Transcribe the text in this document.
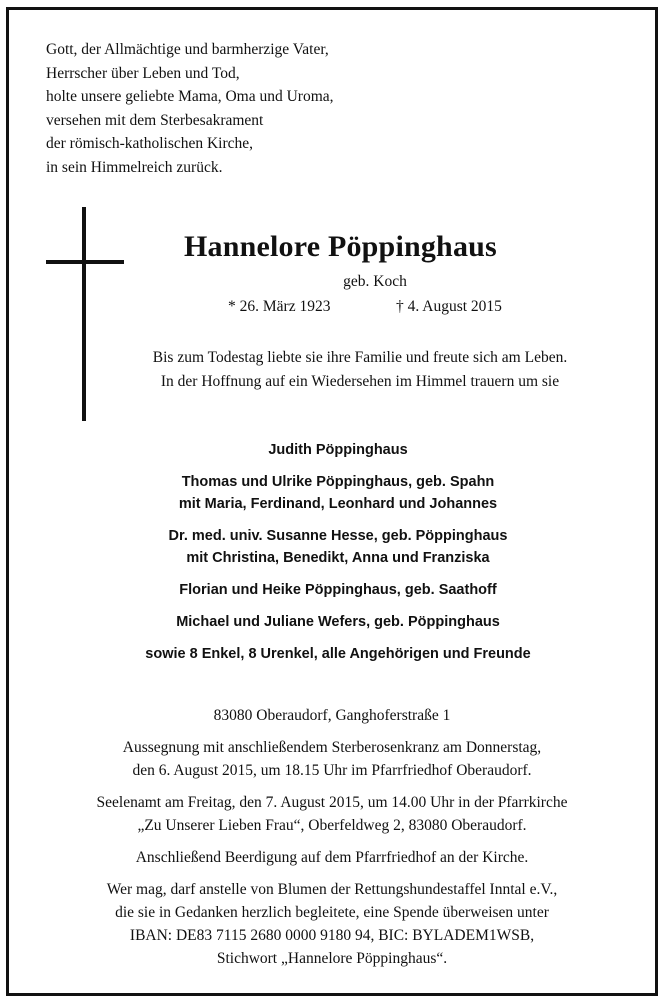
Gott, der Allmächtige und barmherzige Vater,
Herrscher über Leben und Tod,
holte unsere geliebte Mama, Oma und Uroma,
versehen mit dem Sterbesakrament
der römisch-katholischen Kirche,
in sein Himmelreich zurück.
Hannelore Pöppinghaus
geb. Koch
* 26. März 1923	† 4. August 2015
Bis zum Todestag liebte sie ihre Familie und freute sich am Leben.
In der Hoffnung auf ein Wiedersehen im Himmel trauern um sie
Judith Pöppinghaus
Thomas und Ulrike Pöppinghaus, geb. Spahn
mit Maria, Ferdinand, Leonhard und Johannes
Dr. med. univ. Susanne Hesse, geb. Pöppinghaus
mit Christina, Benedikt, Anna und Franziska
Florian und Heike Pöppinghaus, geb. Saathoff
Michael und Juliane Wefers, geb. Pöppinghaus
sowie 8 Enkel, 8 Urenkel, alle Angehörigen und Freunde
83080 Oberaudorf, Ganghoferstraße 1
Aussegnung mit anschließendem Sterberosenkranz am Donnerstag,
den 6. August 2015, um 18.15 Uhr im Pfarrfriedhof Oberaudorf.
Seelenamt am Freitag, den 7. August 2015, um 14.00 Uhr in der Pfarrkirche
„Zu Unserer Lieben Frau“, Oberfeldweg 2, 83080 Oberaudorf.
Anschließend Beerdigung auf dem Pfarrfriedhof an der Kirche.
Wer mag, darf anstelle von Blumen der Rettungshundestaffel Inntal e.V.,
die sie in Gedanken herzlich begleitete, eine Spende überweisen unter
IBAN: DE83 7115 2680 0000 9180 94, BIC: BYLADEM1WSB,
Stichwort „Hannelore Pöppinghaus“.
